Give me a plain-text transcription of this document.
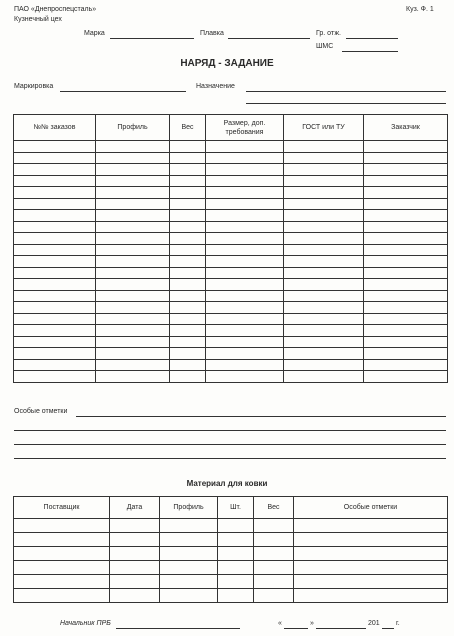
ПАО «Днепроспецсталь»
Кузнечный цех
Куз. Ф. 1
Марка	Плавка	Гр. отж.
ШМС
НАРЯД - ЗАДАНИЕ
Маркировка	Назначение
№№ заказов	Профиль	Вес	Размер, доп. требования	ГОСТ или ТУ	Заказчик

Особые отметки
Материал для ковки
Поставщик	Дата	Профиль	Шт.	Вес	Особые отметки

Начальник ПРБ	«	»	201 г.
